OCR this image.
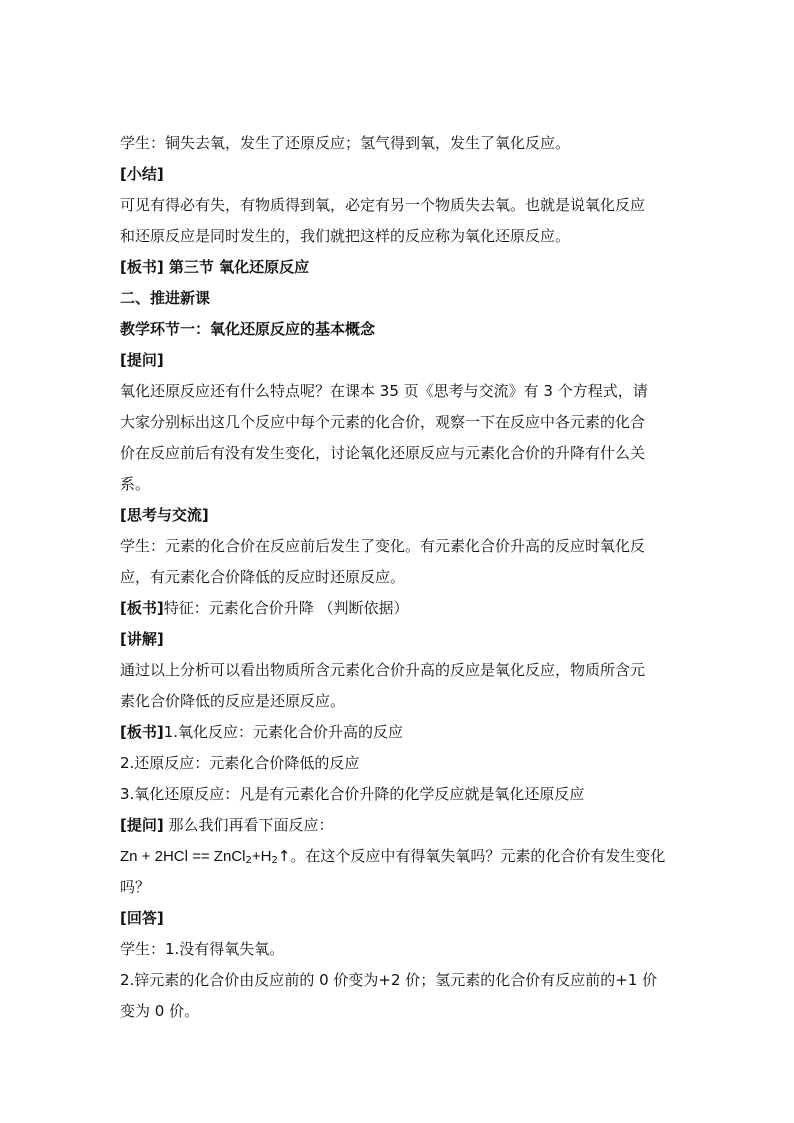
学生：铜失去氧，发生了还原反应；氢气得到氧，发生了氧化反应。
[小结]
可见有得必有失，有物质得到氧，必定有另一个物质失去氧。也就是说氧化反应
和还原反应是同时发生的，我们就把这样的反应称为氧化还原反应。
[板书] 第三节 氧化还原反应
二、推进新课
教学环节一：氧化还原反应的基本概念
[提问]
氧化还原反应还有什么特点呢？在课本 35 页《思考与交流》有 3 个方程式，请
大家分别标出这几个反应中每个元素的化合价，观察一下在反应中各元素的化合
价在反应前后有没有发生变化，讨论氧化还原反应与元素化合价的升降有什么关
系。
[思考与交流]
学生：元素的化合价在反应前后发生了变化。有元素化合价升高的反应时氧化反
应，有元素化合价降低的反应时还原反应。
[板书]特征：元素化合价升降 （判断依据）
[讲解]
通过以上分析可以看出物质所含元素化合价升高的反应是氧化反应，物质所含元
素化合价降低的反应是还原反应。
[板书]1.氧化反应：元素化合价升高的反应
2.还原反应：元素化合价降低的反应
3.氧化还原反应：凡是有元素化合价升降的化学反应就是氧化还原反应
[提问] 那么我们再看下面反应：
$Zn + 2HCl == ZnCl_2+H_2↑$。在这个反应中有得氧失氧吗？元素的化合价有发生变化
吗？
[回答]
学生：1.没有得氧失氧。
2.锌元素的化合价由反应前的 0 价变为+2 价；氢元素的化合价有反应前的+1 价
变为 0 价。
